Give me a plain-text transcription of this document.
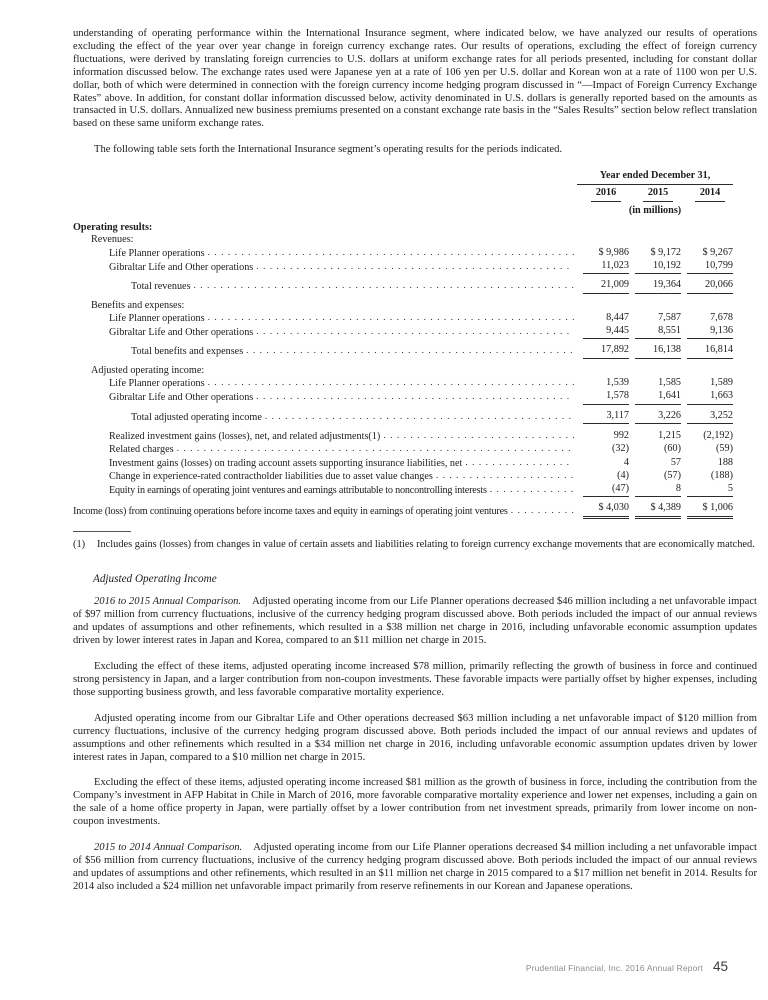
understanding of operating performance within the International Insurance segment, where indicated below, we have analyzed our results of operations excluding the effect of the year over year change in foreign currency exchange rates. Our results of operations, excluding the effect of foreign currency fluctuations, were derived by translating foreign currencies to U.S. dollars at uniform exchange rates for all periods presented, including for constant dollar information discussed below. The exchange rates used were Japanese yen at a rate of 106 yen per U.S. dollar and Korean won at a rate of 1100 won per U.S. dollar, both of which were determined in connection with the foreign currency income hedging program discussed in “—Impact of Foreign Currency Exchange Rates” above. In addition, for constant dollar information discussed below, activity denominated in U.S. dollars is generally reported based on the amounts as transacted in U.S. dollars. Annualized new business premiums presented on a constant exchange rate basis in the “Sales Results” section below reflect translation based on these same uniform exchange rates.

The following table sets forth the International Insurance segment’s operating results for the periods indicated.

Year ended December 31,
2016	2015	2014
(in millions)
Operating results:
Revenues:
Life Planner operations . . .	$ 9,986	$ 9,172	$ 9,267
Gibraltar Life and Other operations . . .	11,023	10,192	10,799
Total revenues . . .	21,009	19,364	20,066
Benefits and expenses:
Life Planner operations . . .	8,447	7,587	7,678
Gibraltar Life and Other operations . . .	9,445	8,551	9,136
Total benefits and expenses . . .	17,892	16,138	16,814
Adjusted operating income:
Life Planner operations . . .	1,539	1,585	1,589
Gibraltar Life and Other operations . . .	1,578	1,641	1,663
Total adjusted operating income . . .	3,117	3,226	3,252
Realized investment gains (losses), net, and related adjustments(1) . . .	992	1,215	(2,192)
Related charges . . .	(32)	(60)	(59)
Investment gains (losses) on trading account assets supporting insurance liabilities, net . . .	4	57	188
Change in experience-rated contractholder liabilities due to asset value changes . . .	(4)	(57)	(188)
Equity in earnings of operating joint ventures and earnings attributable to noncontrolling interests . . .	(47)	8	5
Income (loss) from continuing operations before income taxes and equity in earnings of operating joint ventures . . .	$ 4,030	$ 4,389	$ 1,006
(1)	Includes gains (losses) from changes in value of certain assets and liabilities relating to foreign currency exchange movements that are economically matched.
Adjusted Operating Income

2016 to 2015 Annual Comparison. Adjusted operating income from our Life Planner operations decreased $46 million including a net unfavorable impact of $97 million from currency fluctuations, inclusive of the currency hedging program discussed above. Both periods included the impact of our annual reviews and updates of assumptions and other refinements, which resulted in a $38 million net charge in 2016, including unfavorable economic assumption updates driven by lower interest rates in Japan and Korea, compared to an $11 million net charge in 2015.

Excluding the effect of these items, adjusted operating income increased $78 million, primarily reflecting the growth of business in force and continued strong persistency in Japan, and a larger contribution from non-coupon investments. These favorable impacts were partially offset by higher expenses, including those supporting business growth, and less favorable comparative mortality experience.

Adjusted operating income from our Gibraltar Life and Other operations decreased $63 million including a net unfavorable impact of $120 million from currency fluctuations, inclusive of the currency hedging program discussed above. Both periods included the impact of our annual reviews and updates of assumptions and other refinements which resulted in a $34 million net charge in 2016, including unfavorable economic assumption updates driven by lower interest rates in Japan, compared to a $10 million net charge in 2015.

Excluding the effect of these items, adjusted operating income increased $81 million as the growth of business in force, including the contribution from the Company’s investment in AFP Habitat in Chile in March of 2016, more favorable comparative mortality experience and lower net expenses, including a gain on the sale of a home office property in Japan, were partially offset by a lower contribution from net investment spreads, primarily from lower income on non-coupon investments.

2015 to 2014 Annual Comparison. Adjusted operating income from our Life Planner operations decreased $4 million including a net unfavorable impact of $56 million from currency fluctuations, inclusive of the currency hedging program discussed above. Both periods included the impact of our annual reviews and updates of assumptions and other refinements, which resulted in an $11 million net charge in 2015 compared to a $17 million net benefit in 2014. Results for 2014 also included a $24 million net unfavorable impact primarily from reserve refinements in our Korean and Japanese operations.

Prudential Financial, Inc. 2016 Annual Report 45
